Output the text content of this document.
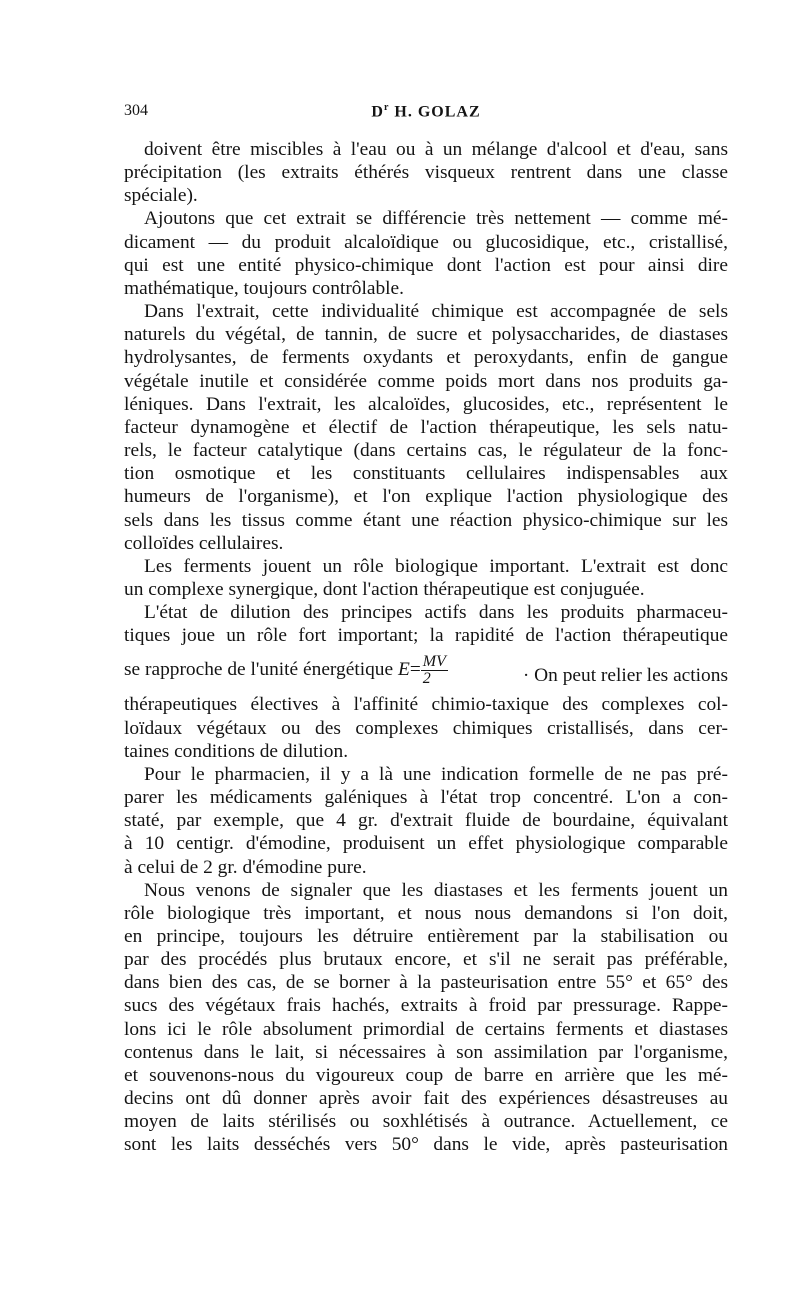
304	$D^r$ H. GOLAZ
doivent être miscibles à l'eau ou à un mélange d'alcool et d'eau, sans
précipitation (les extraits éthérés visqueux rentrent dans une classe
spéciale).
Ajoutons que cet extrait se différencie très nettement — comme mé-
dicament — du produit alcaloïdique ou glucosidique, etc., cristallisé,
qui est une entité physico-chimique dont l'action est pour ainsi dire
mathématique, toujours contrôlable.
Dans l'extrait, cette individualité chimique est accompagnée de sels
naturels du végétal, de tannin, de sucre et polysaccharides, de diastases
hydrolysantes, de ferments oxydants et peroxydants, enfin de gangue
végétale inutile et considérée comme poids mort dans nos produits ga-
léniques. Dans l'extrait, les alcaloïdes, glucosides, etc., représentent le
facteur dynamogène et électif de l'action thérapeutique, les sels natu-
rels, le facteur catalytique (dans certains cas, le régulateur de la fonc-
tion osmotique et les constituants cellulaires indispensables aux
humeurs de l'organisme), et l'on explique l'action physiologique des
sels dans les tissus comme étant une réaction physico-chimique sur les
colloïdes cellulaires.
Les ferments jouent un rôle biologique important. L'extrait est donc
un complexe synergique, dont l'action thérapeutique est conjuguée.
L'état de dilution des principes actifs dans les produits pharmaceu-
tiques joue un rôle fort important; la rapidité de l'action thérapeutique
se rapproche de l'unité énergétique $E= \frac{MV}{2}$	· On peut relier les actions
thérapeutiques électives à l'affinité chimio-taxique des complexes col-
loïdaux végétaux ou des complexes chimiques cristallisés, dans cer-
taines conditions de dilution.
Pour le pharmacien, il y a là une indication formelle de ne pas pré-
parer les médicaments galéniques à l'état trop concentré. L'on a con-
staté, par exemple, que 4 gr. d'extrait fluide de bourdaine, équivalant
à 10 centigr. d'émodine, produisent un effet physiologique comparable
à celui de 2 gr. d'émodine pure.
Nous venons de signaler que les diastases et les ferments jouent un
rôle biologique très important, et nous nous demandons si l'on doit,
en principe, toujours les détruire entièrement par la stabilisation ou
par des procédés plus brutaux encore, et s'il ne serait pas préférable,
dans bien des cas, de se borner à la pasteurisation entre 55° et 65° des
sucs des végétaux frais hachés, extraits à froid par pressurage. Rappe-
lons ici le rôle absolument primordial de certains ferments et diastases
contenus dans le lait, si nécessaires à son assimilation par l'organisme,
et souvenons-nous du vigoureux coup de barre en arrière que les mé-
decins ont dû donner après avoir fait des expériences désastreuses au
moyen de laits stérilisés ou soxhlétisés à outrance. Actuellement, ce
sont les laits desséchés vers 50° dans le vide, après pasteurisation
